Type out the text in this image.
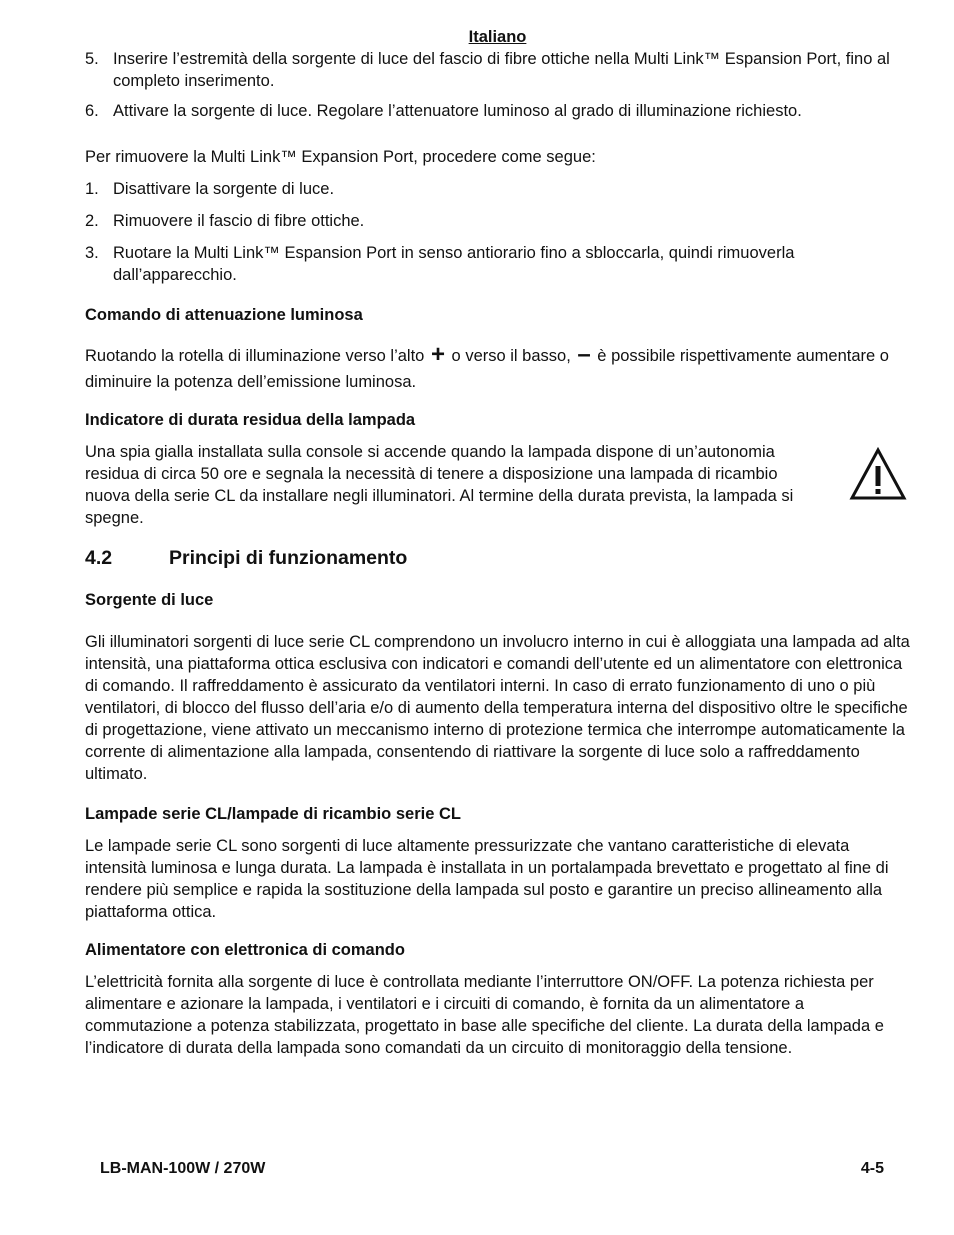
Italiano
5. Inserire l’estremità della sorgente di luce del fascio di fibre ottiche nella Multi Link™ Espansion Port, fino al completo inserimento.
6. Attivare la sorgente di luce. Regolare l’attenuatore luminoso al grado di illuminazione richiesto.

Per rimuovere la Multi Link™ Expansion Port, procedere come segue:

1. Disattivare la sorgente di luce.
2. Rimuovere il fascio di fibre ottiche.
3. Ruotare la Multi Link™ Espansion Port in senso antiorario fino a sbloccarla, quindi rimuoverla dall’apparecchio.
Comando di attenuazione luminosa

Ruotando la rotella di illuminazione verso l’alto + o verso il basso, – è possibile rispettivamente aumentare o diminuire la potenza dell’emissione luminosa.

Indicatore di durata residua della lampada

Una spia gialla installata sulla console si accende quando la lampada dispone di un’autonomia residua di circa 50 ore e segnala la necessità di tenere a disposizione una lampada di ricambio nuova della serie CL da installare negli illuminatori. Al termine della durata prevista, la lampada si spegne.

4.2	Principi di funzionamento
Sorgente di luce

Gli illuminatori sorgenti di luce serie CL comprendono un involucro interno in cui è alloggiata una lampada ad alta intensità, una piattaforma ottica esclusiva con indicatori e comandi dell’utente ed un alimentatore con elettronica di comando. Il raffreddamento è assicurato da ventilatori interni. In caso di errato funzionamento di uno o più ventilatori, di blocco del flusso dell’aria e/o di aumento della temperatura interna del dispositivo oltre le specifiche di progettazione, viene attivato un meccanismo interno di protezione termica che interrompe automaticamente la corrente di alimentazione alla lampada, consentendo di riattivare la sorgente di luce solo a raffreddamento ultimato.

Lampade serie CL/lampade di ricambio serie CL

Le lampade serie CL sono sorgenti di luce altamente pressurizzate che vantano caratteristiche di elevata intensità luminosa e lunga durata. La lampada è installata in un portalampada brevettato e progettato al fine di rendere più semplice e rapida la sostituzione della lampada sul posto e garantire un preciso allineamento alla piattaforma ottica.

Alimentatore con elettronica di comando

L’elettricità fornita alla sorgente di luce è controllata mediante l’interruttore ON/OFF. La potenza richiesta per alimentare e azionare la lampada, i ventilatori e i circuiti di comando, è fornita da un alimentatore a commutazione a potenza stabilizzata, progettato in base alle specifiche del cliente. La durata della lampada e l’indicatore di durata della lampada sono comandati da un circuito di monitoraggio della tensione.

LB-MAN-100W / 270W	4-5
